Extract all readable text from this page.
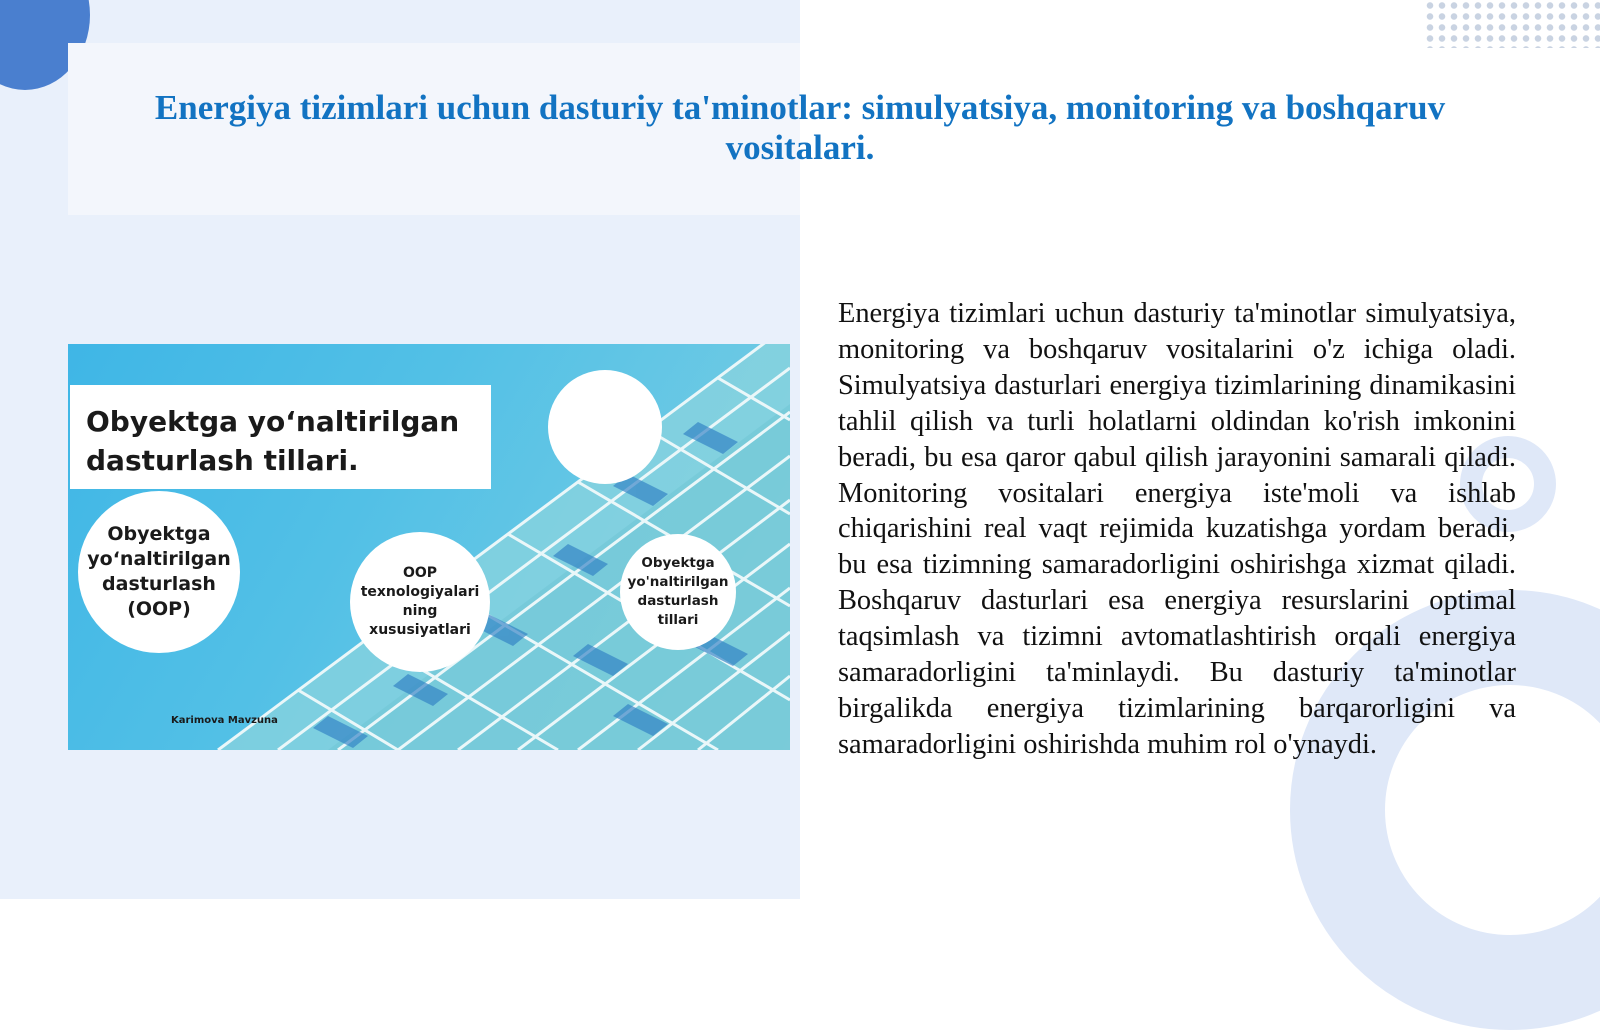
Energiya tizimlari uchun dasturiy ta'minotlar: simulyatsiya, monitoring va boshqaruv vositalari.

Obyektga yo‘naltirilgan
dasturlash tillari.

Obyektga
yo‘naltirilgan
dasturlash
(OOP)
OOP
texnologiyalari
ning
xususiyatlari
Obyektga
yo'naltirilgan
dasturlash
tillari
Karimova Mavzuna

Energiya tizimlari uchun dasturiy ta'minotlar simulyatsiya, monitoring va boshqaruv vositalarini o'z ichiga oladi. Simulyatsiya dasturlari energiya tizimlarining dinamikasini tahlil qilish va turli holatlarni oldindan ko'rish imkonini beradi, bu esa qaror qabul qilish jarayonini samarali qiladi. Monitoring vositalari energiya iste'moli va ishlab chiqarishini real vaqt rejimida kuzatishga yordam beradi, bu esa tizimning samaradorligini oshirishga xizmat qiladi. Boshqaruv dasturlari esa energiya resurslarini optimal taqsimlash va tizimni avtomatlashtirish orqali energiya samaradorligini ta'minlaydi. Bu dasturiy ta'minotlar birgalikda energiya tizimlarining barqarorligini va samaradorligini oshirishda muhim rol o'ynaydi.
